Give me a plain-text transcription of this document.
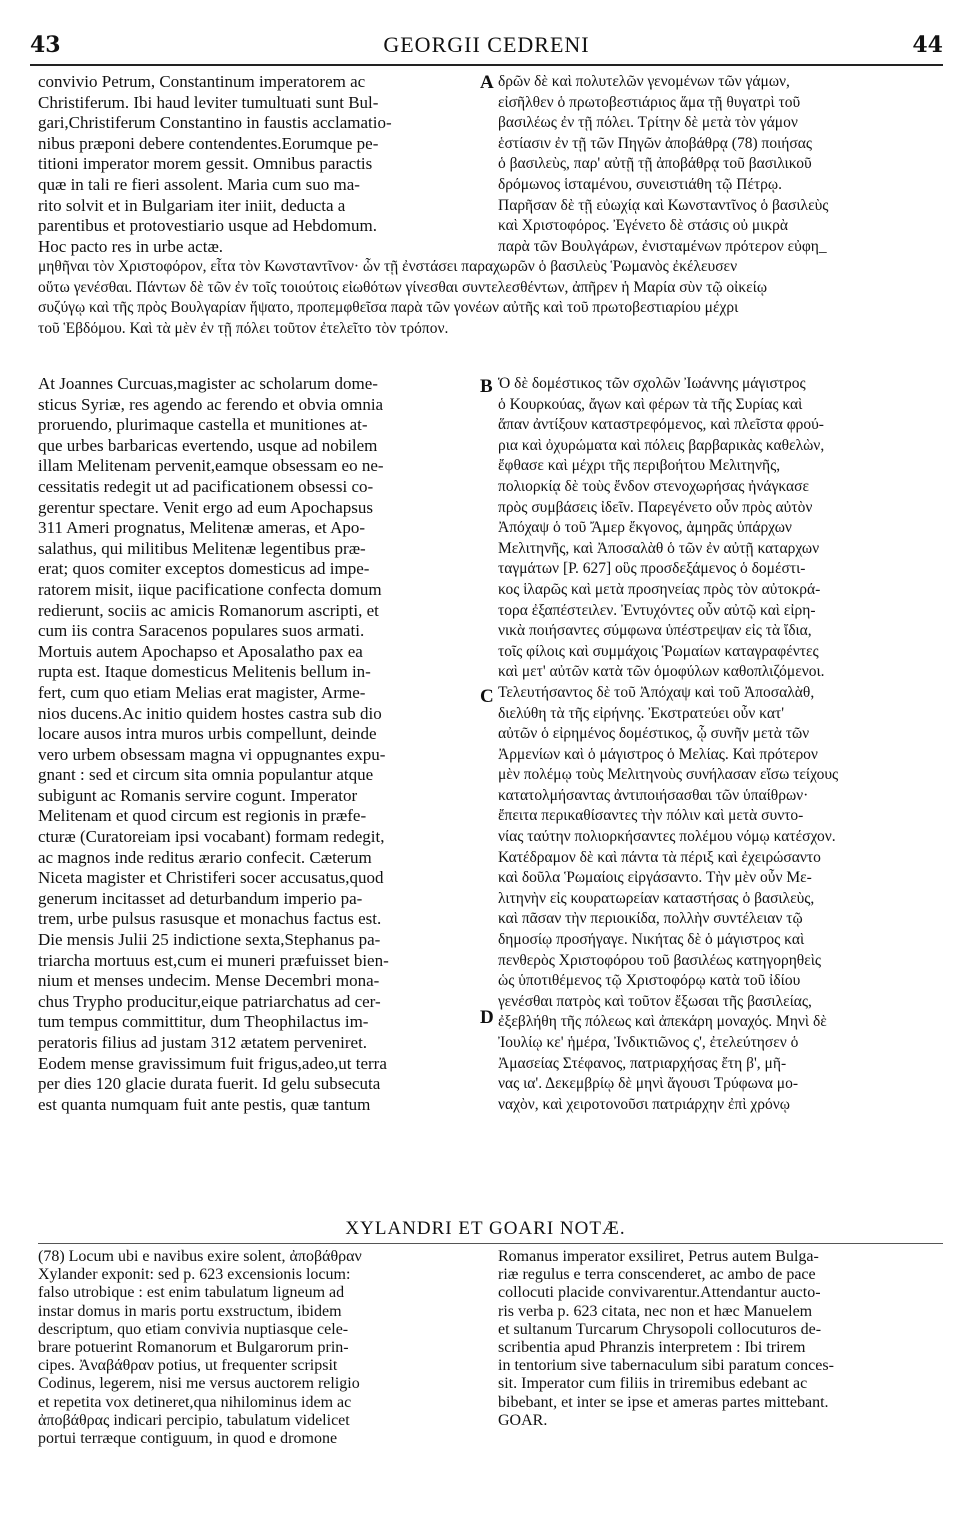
43	GEORGII CEDRENI	44
convivio Petrum, Constantinum imperatorem ac
Christiferum. Ibi haud leviter tumultuati sunt Bul-
gari,Christiferum Constantino in faustis acclamatio-
nibus præponi debere contendentes.Eorumque pe-
titioni imperator morem gessit. Omnibus paractis
quæ in tali re fieri assolent. Maria cum suo ma-
rito solvit et in Bulgariam iter iniit, deducta a
parentibus et protovestiario usque ad Hebdomum.
Hoc pacto res in urbe actæ.
A δρῶν δὲ καὶ πολυτελῶν γενομένων τῶν γάμων,
εἰσῆλθεν ὁ πρωτοβεστιάριος ἅμα τῇ θυγατρὶ τοῦ
βασιλέως ἐν τῇ πόλει. Τρίτην δὲ μετὰ τὸν γάμον
ἑστίασιν ἐν τῇ τῶν Πηγῶν ἀποβάθρᾳ (78) ποιήσας
ὁ βασιλεὺς, παρ' αὐτῇ τῇ ἀποβάθρᾳ τοῦ βασιλικοῦ
δρόμωνος ἱσταμένου, συνειστιάθη τῷ Πέτρῳ.
Παρῆσαν δὲ τῇ εὐωχίᾳ καὶ Κωνσταντῖνος ὁ βασιλεὺς
καὶ Χριστοφόρος. Ἐγένετο δὲ στάσις οὐ μικρὰ
παρὰ τῶν Βουλγάρων, ἐνισταμένων πρότερον εὐφη_
μηθῆναι τὸν Χριστοφόρον, εἶτα τὸν Κωνσταντῖνον· ὧν τῇ ἐνστάσει παραχωρῶν ὁ βασιλεὺς Ῥωμανὸς ἐκέλευσεν
οὕτω γενέσθαι. Πάντων δὲ τῶν ἐν τοῖς τοιούτοις εἰωθότων γίνεσθαι συντελεσθέντων, ἀπῆρεν ἡ Μαρία σὺν τῷ οἰκείῳ
συζύγῳ καὶ τῆς πρὸς Βουλγαρίαν ἥψατο, προπεμφθεῖσα παρὰ τῶν γονέων αὐτῆς καὶ τοῦ πρωτοβεστιαρίου μέχρι
τοῦ Ἑβδόμου. Καὶ τὰ μὲν ἐν τῇ πόλει τοῦτον ἐτελεῖτο τὸν τρόπον.
At Joannes Curcuas,magister ac scholarum dome-
sticus Syriæ, res agendo ac ferendo et obvia omnia
proruendo, plurimaque castella et munitiones at-
que urbes barbaricas evertendo, usque ad nobilem
illam Melitenam pervenit,eamque obsessam eo ne-
cessitatis redegit ut ad pacificationem obsessi co-
gerentur spectare. Venit ergo ad eum Apochapsus
311 Ameri prognatus, Melitenæ ameras, et Apo-
salathus, qui militibus Melitenæ legentibus præ-
erat; quos comiter exceptos domesticus ad impe-
ratorem misit, iique pacificatione confecta domum
redierunt, sociis ac amicis Romanorum ascripti, et
cum iis contra Saracenos populares suos armati.
Mortuis autem Apochapso et Aposalatho pax ea
rupta est. Itaque domesticus Melitenis bellum in-
fert, cum quo etiam Melias erat magister, Arme-
nios ducens.Ac initio quidem hostes castra sub dio
locare ausos intra muros urbis compellunt, deinde
vero urbem obsessam magna vi oppugnantes expu-
gnant : sed et circum sita omnia populantur atque
subigunt ac Romanis servire cogunt. Imperator
Melitenam et quod circum est regionis in præfe-
cturæ (Curatoreiam ipsi vocabant) formam redegit,
ac magnos inde reditus ærario confecit. Cæterum
Niceta magister et Christiferi socer accusatus,quod
generum incitasset ad deturbandum imperio pa-
trem, urbe pulsus rasusque et monachus factus est.
Die mensis Julii 25 indictione sexta,Stephanus pa-
triarcha mortuus est,cum ei muneri præfuisset bien-
nium et menses undecim. Mense Decembri mona-
chus Trypho producitur,eique patriarchatus ad cer-
tum tempus committitur, dum Theophilactus im-
peratoris filius ad justam 312 ætatem perveniret.
Eodem mense gravissimum fuit frigus,adeo,ut terra
per dies 120 glacie durata fuerit. Id gelu subsecuta
est quanta numquam fuit ante pestis, quæ tantum
B
C
D
Ὁ δὲ δομέστικος τῶν σχολῶν Ἰωάννης μάγιστρος
ὁ Κουρκούας, ἄγων καὶ φέρων τὰ τῆς Συρίας καὶ
ἅπαν ἀντίξουν καταστρεφόμενος, καὶ πλεῖστα φρού-
ρια καὶ ὀχυρώματα καὶ πόλεις βαρβαρικὰς καθελὼν,
ἔφθασε καὶ μέχρι τῆς περιβοήτου Μελιτηνῆς,
πολιορκίᾳ δὲ τοὺς ἔνδον στενοχωρήσας ἠνάγκασε
πρὸς συμβάσεις ἰδεῖν. Παρεγένετο οὖν πρὸς αὐτὸν
Ἀπόχαψ ὁ τοῦ Ἄμερ ἔκγονος, ἀμηρᾶς ὑπάρχων
Μελιτηνῆς, καὶ Ἀποσαλὰθ ὁ τῶν ἐν αὐτῇ καταρχων
ταγμάτων [P. 627] οὓς προσδεξάμενος ὁ δομέστι-
κος ἱλαρῶς καὶ μετὰ προσηνείας πρὸς τὸν αὐτοκρά-
τορα ἐξαπέστειλεν. Ἐντυχόντες οὖν αὐτῷ καὶ εἰρη-
νικὰ ποιήσαντες σύμφωνα ὑπέστρεψαν εἰς τὰ ἴδια,
τοῖς φίλοις καὶ συμμάχοις Ῥωμαίων καταγραφέντες
καὶ μετ' αὐτῶν κατὰ τῶν ὁμοφύλων καθοπλιζόμενοι.
Τελευτήσαντος δὲ τοῦ Ἀπόχαψ καὶ τοῦ Ἀποσαλὰθ,
διελύθη τὰ τῆς εἰρήνης. Ἐκστρατεύει οὖν κατ'
αὐτῶν ὁ εἰρημένος δομέστικος, ᾧ συνῆν μετὰ τῶν
Ἀρμενίων καὶ ὁ μάγιστρος ὁ Μελίας. Καὶ πρότερον
μὲν πολέμῳ τοὺς Μελιτηνοὺς συνήλασαν εἴσω τείχους
κατατολμήσαντας ἀντιποιήσασθαι τῶν ὑπαίθρων·
ἔπειτα περικαθίσαντες τὴν πόλιν καὶ μετὰ συντο-
νίας ταύτην πολιορκήσαντες πολέμου νόμῳ κατέσχον.
Κατέδραμον δὲ καὶ πάντα τὰ πέριξ καὶ ἐχειρώσαντο
καὶ δοῦλα Ῥωμαίοις εἰργάσαντο. Τὴν μὲν οὖν Με-
λιτηνὴν εἰς κουρατωρείαν καταστήσας ὁ βασιλεὺς,
καὶ πᾶσαν τὴν περιοικίδα, πολλὴν συντέλειαν τῷ
δημοσίῳ προσήγαγε. Νικήτας δὲ ὁ μάγιστρος καὶ
πενθερὸς Χριστοφόρου τοῦ βασιλέως κατηγορηθεὶς
ὡς ὑποτιθέμενος τῷ Χριστοφόρῳ κατὰ τοῦ ἰδίου
γενέσθαι πατρὸς καὶ τοῦτον ἔξωσαι τῆς βασιλείας,
ἐξεβλήθη τῆς πόλεως καὶ ἀπεκάρη μοναχός. Μηνὶ δὲ
Ἰουλίῳ κε' ἡμέρα, Ἰνδικτιῶνος ς', ἐτελεύτησεν ὁ
Ἀμασείας Στέφανος, πατριαρχήσας ἔτη β', μῆ-
νας ια'. Δεκεμβρίῳ δὲ μηνὶ ἄγουσι Τρύφωνα μο-
ναχὸν, καὶ χειροτονοῦσι πατριάρχην ἐπὶ χρόνῳ
XYLANDRI ET GOARI NOTÆ.
(78) Locum ubi e navibus exire solent, ἀποβάθραν
Xylander exponit: sed p. 623 excensionis locum:
falso utrobique : est enim tabulatum ligneum ad
instar domus in maris portu exstructum, ibidem
descriptum, quo etiam convivia nuptiasque cele-
brare potuerint Romanorum et Bulgarorum prin-
cipes. Ἀναβάθραν potius, ut frequenter scripsit
Codinus, legerem, nisi me versus auctorem religio
et repetita vox detineret,qua nihilominus idem ac
ἀποβάθρας indicari percipio, tabulatum videlicet
portui terræque contiguum, in quod e dromone
Romanus imperator exsiliret, Petrus autem Bulga-
riæ regulus e terra conscenderet, ac ambo de pace
collocuti placide convivarentur.Attendantur aucto-
ris verba p. 623 citata, nec non et hæc Manuelem
et sultanum Turcarum Chrysopoli collocuturos de-
scribentia apud Phranzis interpretem : Ibi trirem
in tentorium sive tabernaculum sibi paratum conces-
sit. Imperator cum filiis in triremibus edebant ac
bibebant, et inter se ipse et ameras partes mittebant.
GOAR.
